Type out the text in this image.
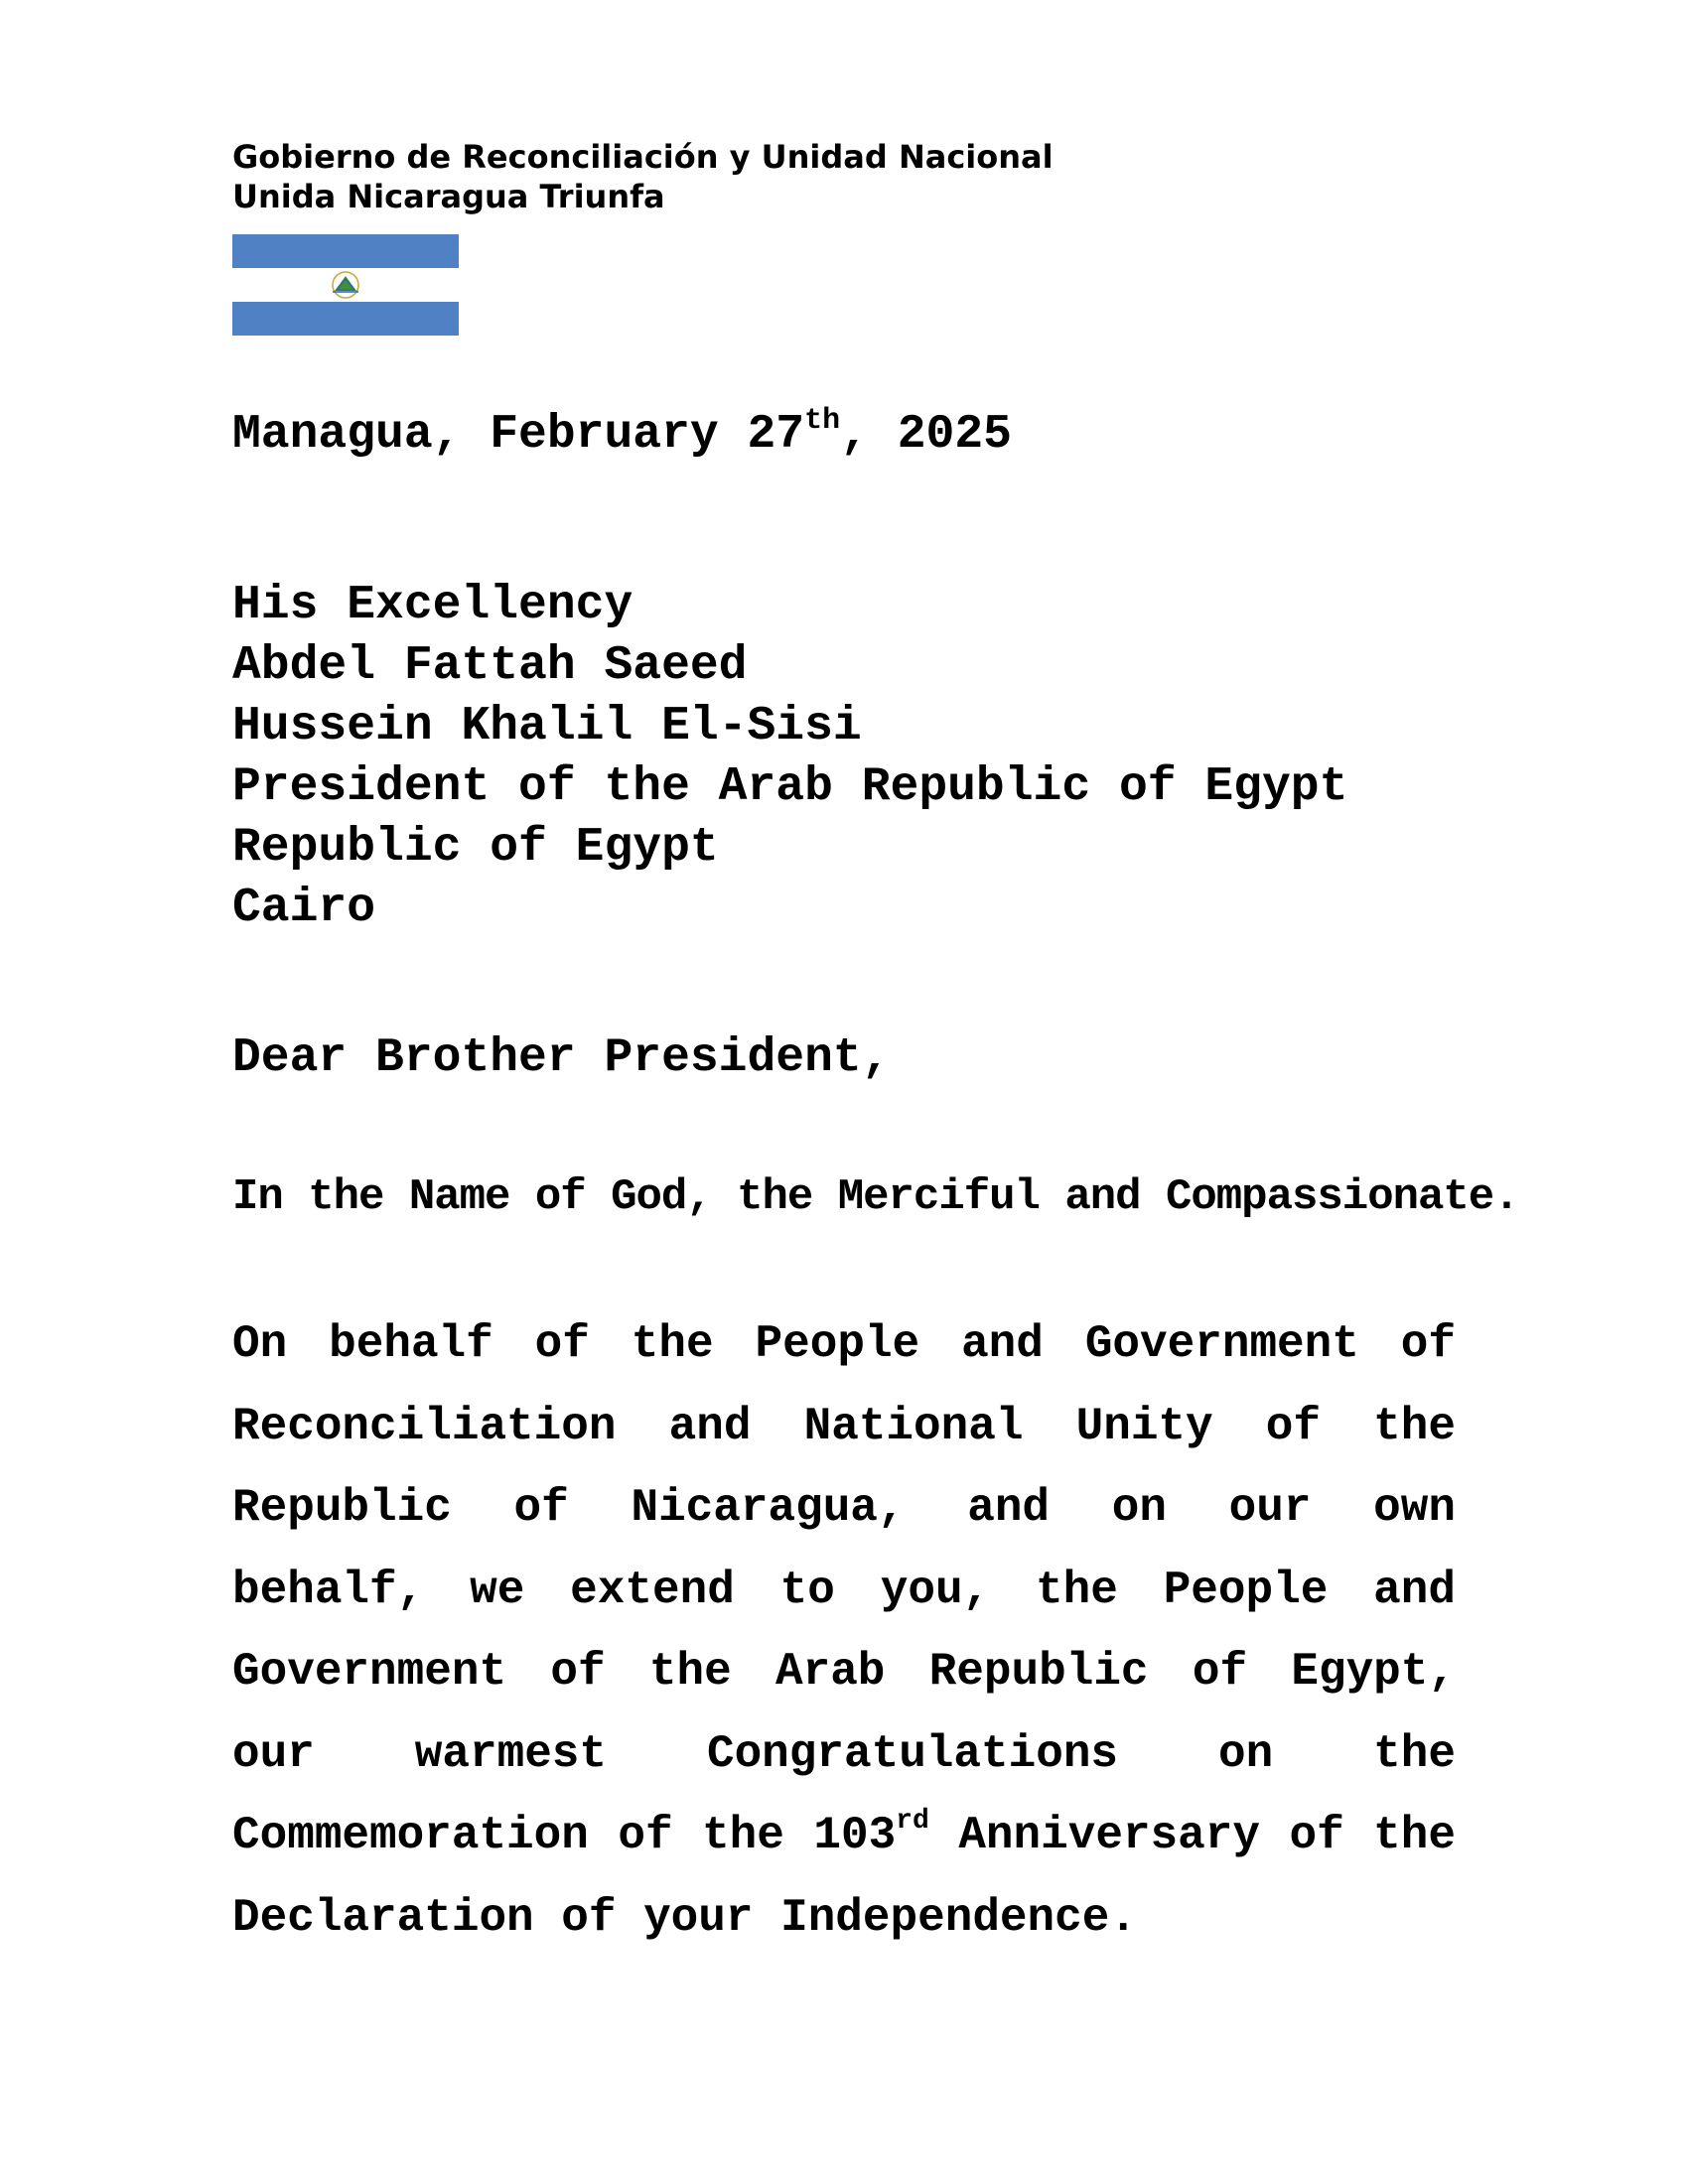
Gobierno de Reconciliación y Unidad Nacional
Unida Nicaragua Triunfa
Managua, February 27th, 2025
His Excellency
Abdel Fattah Saeed
Hussein Khalil El-Sisi
President of the Arab Republic of Egypt
Republic of Egypt
Cairo
Dear Brother President,
In the Name of God, the Merciful and Compassionate.
On behalf of the People and Government of Reconciliation and National Unity of the Republic of Nicaragua, and on our own behalf, we extend to you, the People and Government of the Arab Republic of Egypt, our warmest Congratulations on the Commemoration of the 103rd Anniversary of the Declaration of your Independence.
